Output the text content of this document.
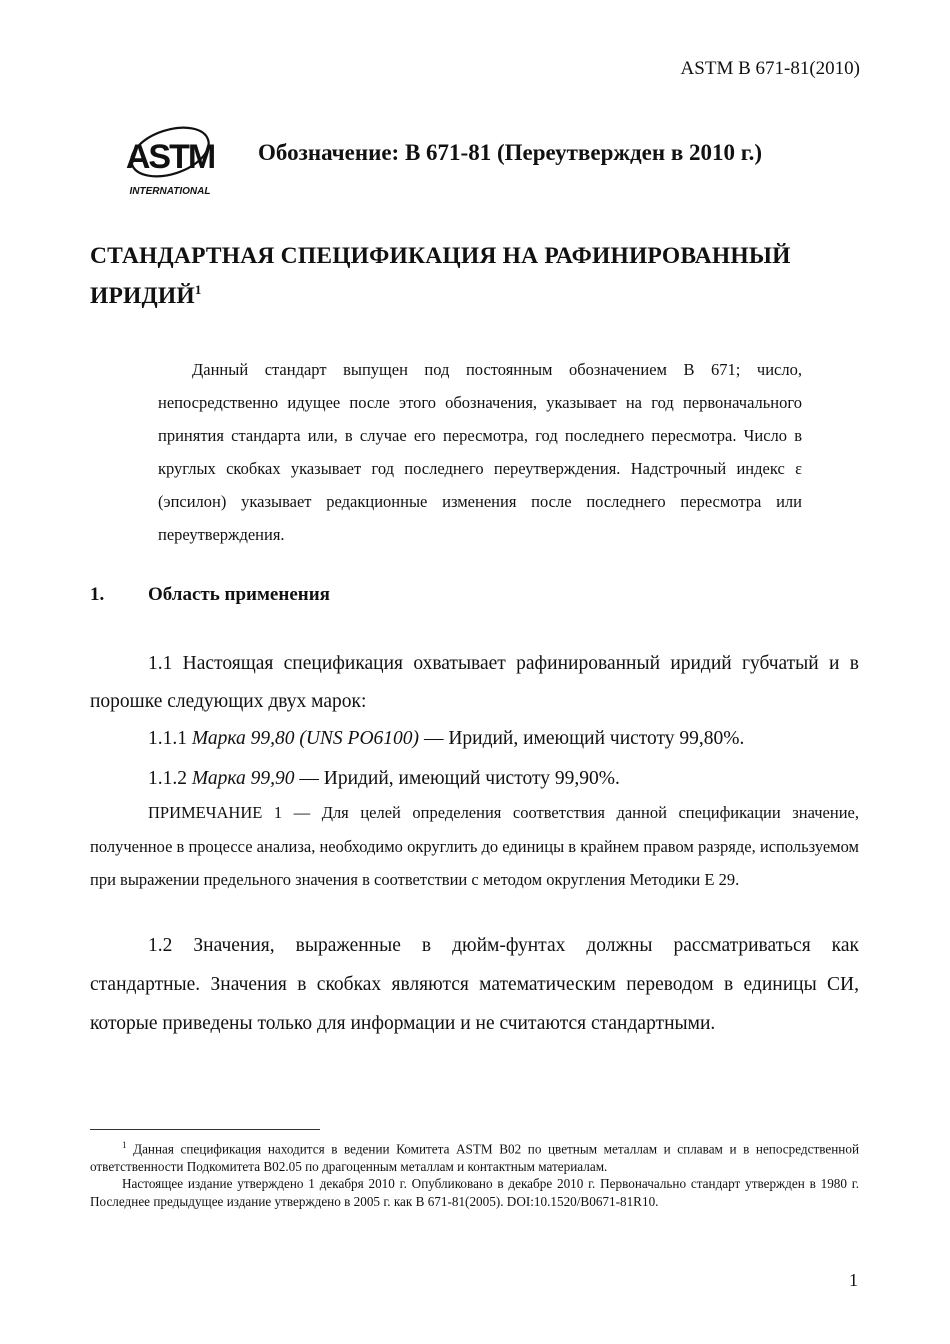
ASTM B 671-81(2010)
ASTM
INTERNATIONAL
Обозначение: B 671-81 (Переутвержден в 2010 г.)
СТАНДАРТНАЯ СПЕЦИФИКАЦИЯ НА РАФИНИРОВАННЫЙ ИРИДИЙ$^1$

Данный стандарт выпущен под постоянным обозначением B 671; число, непосредственно идущее после этого обозначения, указывает на год первоначального принятия стандарта или, в случае его пересмотра, год последнего пересмотра. Число в круглых скобках указывает год последнего переутверждения. Надстрочный индекс ε (эпсилон) указывает редакционные изменения после последнего пересмотра или переутверждения.

1. Область применения

1.1 Настоящая спецификация охватывает рафинированный иридий губчатый и в порошке следующих двух марок:

1.1.1 Марка 99,80 (UNS PO6100) — Иридий, имеющий чистоту 99,80%.
1.1.2 Марка 99,90 — Иридий, имеющий чистоту 99,90%.

ПРИМЕЧАНИЕ 1 — Для целей определения соответствия данной спецификации значение, полученное в процессе анализа, необходимо округлить до единицы в крайнем правом разряде, используемом при выражении предельного значения в соответствии с методом округления Методики E 29.

1.2 Значения, выраженные в дюйм-фунтах должны рассматриваться как стандартные. Значения в скобках являются математическим переводом в единицы СИ, которые приведены только для информации и не считаются стандартными.

$^1$ Данная спецификация находится в ведении Комитета ASTM B02 по цветным металлам и сплавам и в непосредственной ответственности Подкомитета B02.05 по драгоценным металлам и контактным материалам.

Настоящее издание утверждено 1 декабря 2010 г. Опубликовано в декабре 2010 г. Первоначально стандарт утвержден в 1980 г. Последнее предыдущее издание утверждено в 2005 г. как B 671-81(2005). DOI:10.1520/B0671-81R10.

1
